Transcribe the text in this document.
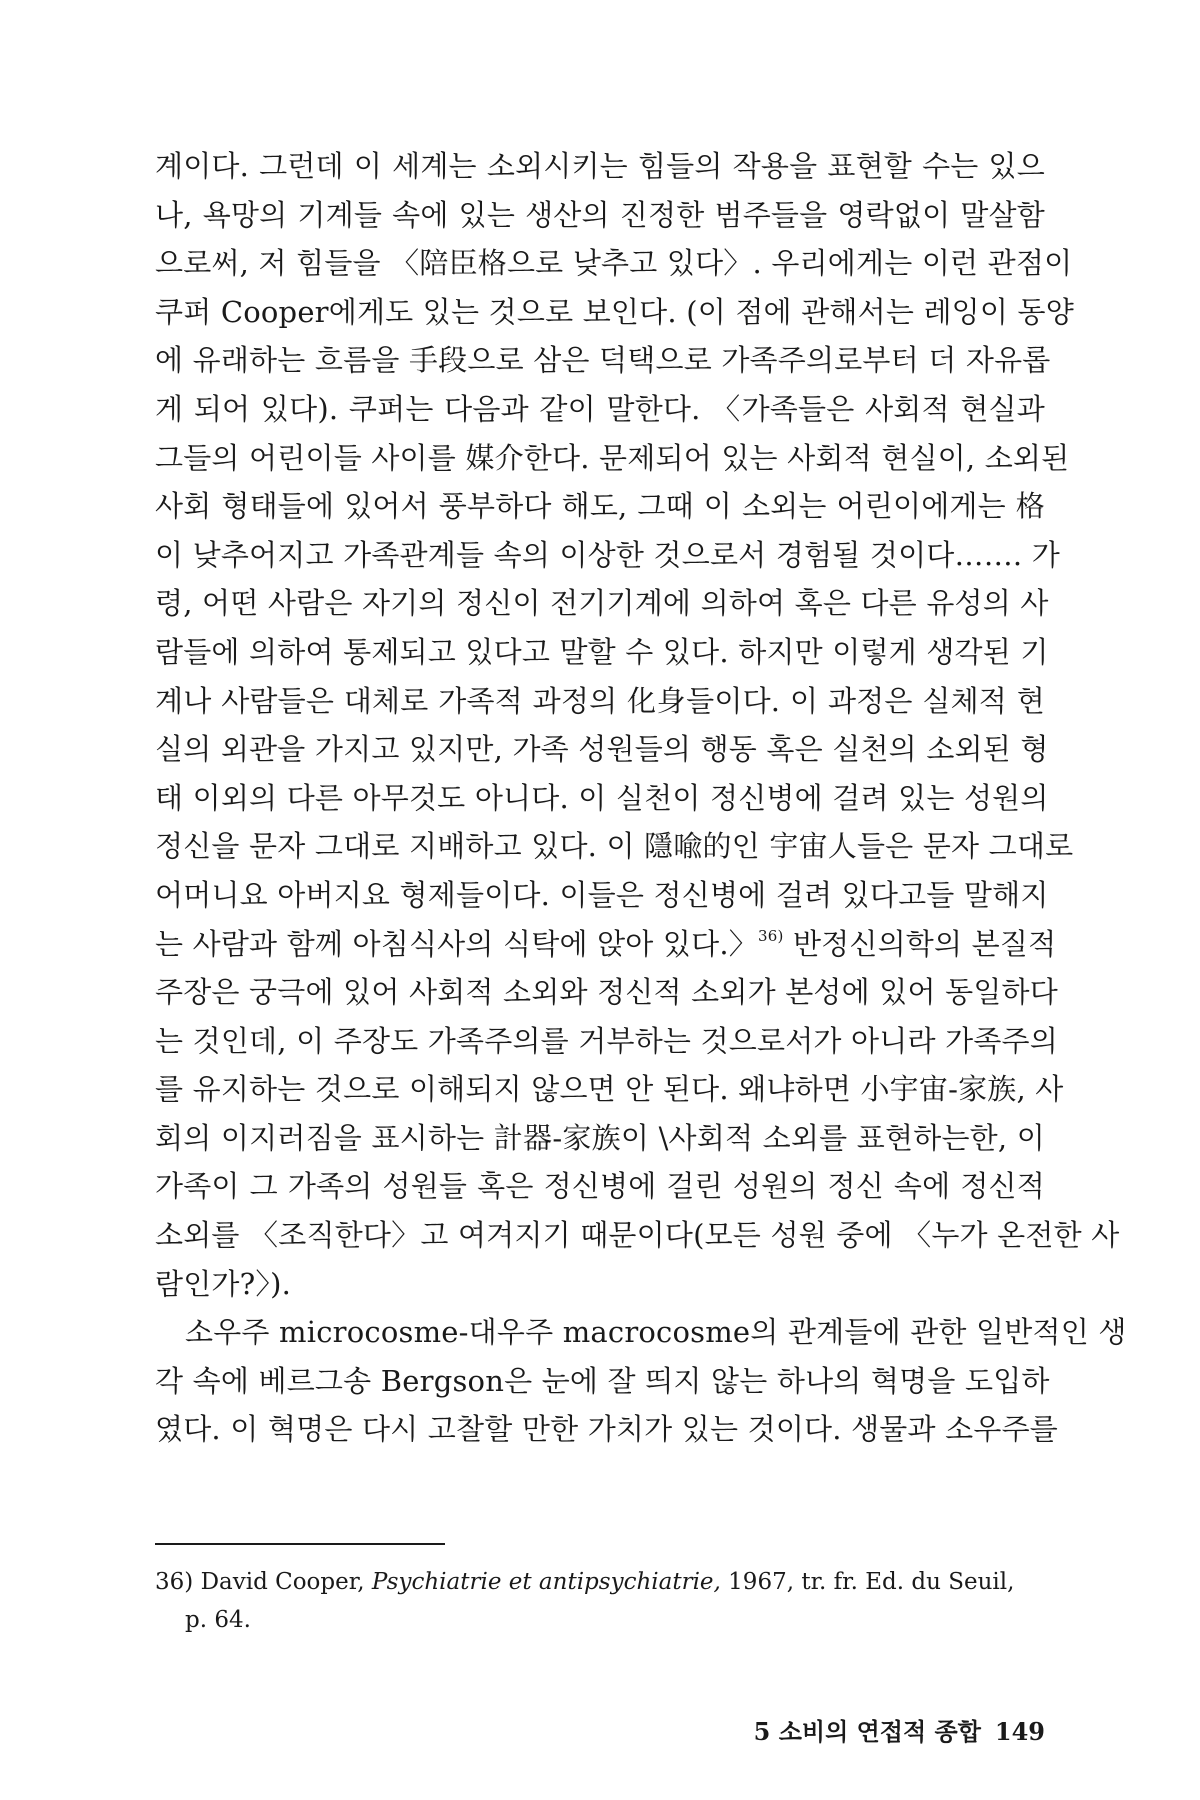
계이다. 그런데 이 세계는 소외시키는 힘들의 작용을 표현할 수는 있으
나, 욕망의 기계들 속에 있는 생산의 진정한 범주들을 영락없이 말살함
으로써, 저 힘들을 〈陪臣格으로 낮추고 있다〉. 우리에게는 이런 관점이
쿠퍼 Cooper에게도 있는 것으로 보인다. (이 점에 관해서는 레잉이 동양
에 유래하는 흐름을 手段으로 삼은 덕택으로 가족주의로부터 더 자유롭
게 되어 있다). 쿠퍼는 다음과 같이 말한다. 〈가족들은 사회적 현실과
그들의 어린이들 사이를 媒介한다. 문제되어 있는 사회적 현실이, 소외된
사회 형태들에 있어서 풍부하다 해도, 그때 이 소외는 어린이에게는 格
이 낮추어지고 가족관계들 속의 이상한 것으로서 경험될 것이다……. 가
령, 어떤 사람은 자기의 정신이 전기기계에 의하여 혹은 다른 유성의 사
람들에 의하여 통제되고 있다고 말할 수 있다. 하지만 이렇게 생각된 기
계나 사람들은 대체로 가족적 과정의 化身들이다. 이 과정은 실체적 현
실의 외관을 가지고 있지만, 가족 성원들의 행동 혹은 실천의 소외된 형
태 이외의 다른 아무것도 아니다. 이 실천이 정신병에 걸려 있는 성원의
정신을 문자 그대로 지배하고 있다. 이 隱喩的인 宇宙人들은 문자 그대로
어머니요 아버지요 형제들이다. 이들은 정신병에 걸려 있다고들 말해지
는 사람과 함께 아침식사의 식탁에 앉아 있다.〉$^{36)}$ 반정신의학의 본질적
주장은 궁극에 있어 사회적 소외와 정신적 소외가 본성에 있어 동일하다
는 것인데, 이 주장도 가족주의를 거부하는 것으로서가 아니라 가족주의
를 유지하는 것으로 이해되지 않으면 안 된다. 왜냐하면 小宇宙-家族, 사
회의 이지러짐을 표시하는 計器-家族이 \사회적 소외를 표현하는한, 이
가족이 그 가족의 성원들 혹은 정신병에 걸린 성원의 정신 속에 정신적
소외를 〈조직한다〉고 여겨지기 때문이다(모든 성원 중에 〈누가 온전한 사
람인가?〉).
소우주 microcosme-대우주 macrocosme의 관계들에 관한 일반적인 생
각 속에 베르그송 Bergson은 눈에 잘 띄지 않는 하나의 혁명을 도입하
였다. 이 혁명은 다시 고찰할 만한 가치가 있는 것이다. 생물과 소우주를
36) David Cooper, Psychiatrie et antipsychiatrie, 1967, tr. fr. Ed. du Seuil,
p. 64.
5 소비의 연접적 종합 149
